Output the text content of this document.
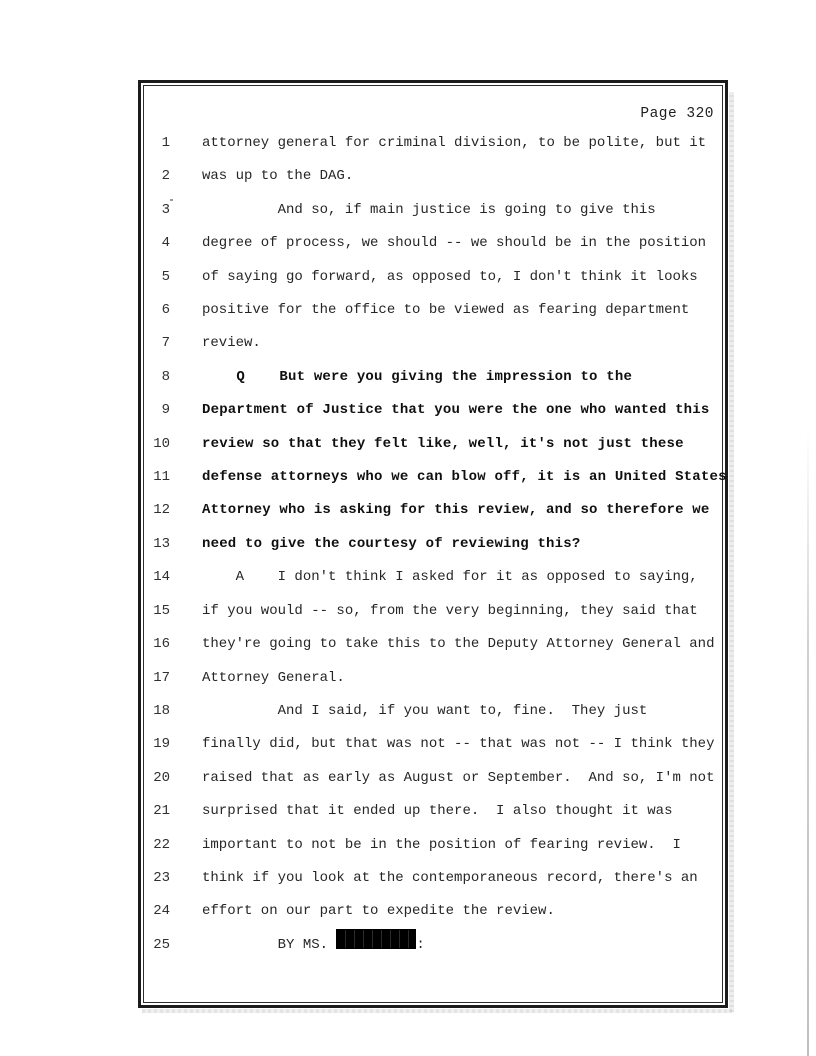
Page 320
1 attorney general for criminal division, to be polite, but it
2 was up to the DAG.
3 And so, if main justice is going to give this
4 degree of process, we should -- we should be in the position
5 of saying go forward, as opposed to, I don't think it looks
6 positive for the office to be viewed as fearing department
7 review.
8 Q    But were you giving the impression to the
9 Department of Justice that you were the one who wanted this
10 review so that they felt like, well, it's not just these
11 defense attorneys who we can blow off, it is an United States
12 Attorney who is asking for this review, and so therefore we
13 need to give the courtesy of reviewing this?
14 A    I don't think I asked for it as opposed to saying,
15 if you would -- so, from the very beginning, they said that
16 they're going to take this to the Deputy Attorney General and
17 Attorney General.
18 And I said, if you want to, fine.  They just
19 finally did, but that was not -- that was not -- I think they
20 raised that as early as August or September.  And so, I'm not
21 surprised that it ended up there.  I also thought it was
22 important to not be in the position of fearing review.  I
23 think if you look at the contemporaneous record, there's an
24 effort on our part to expedite the review.
25 BY MS.	:
